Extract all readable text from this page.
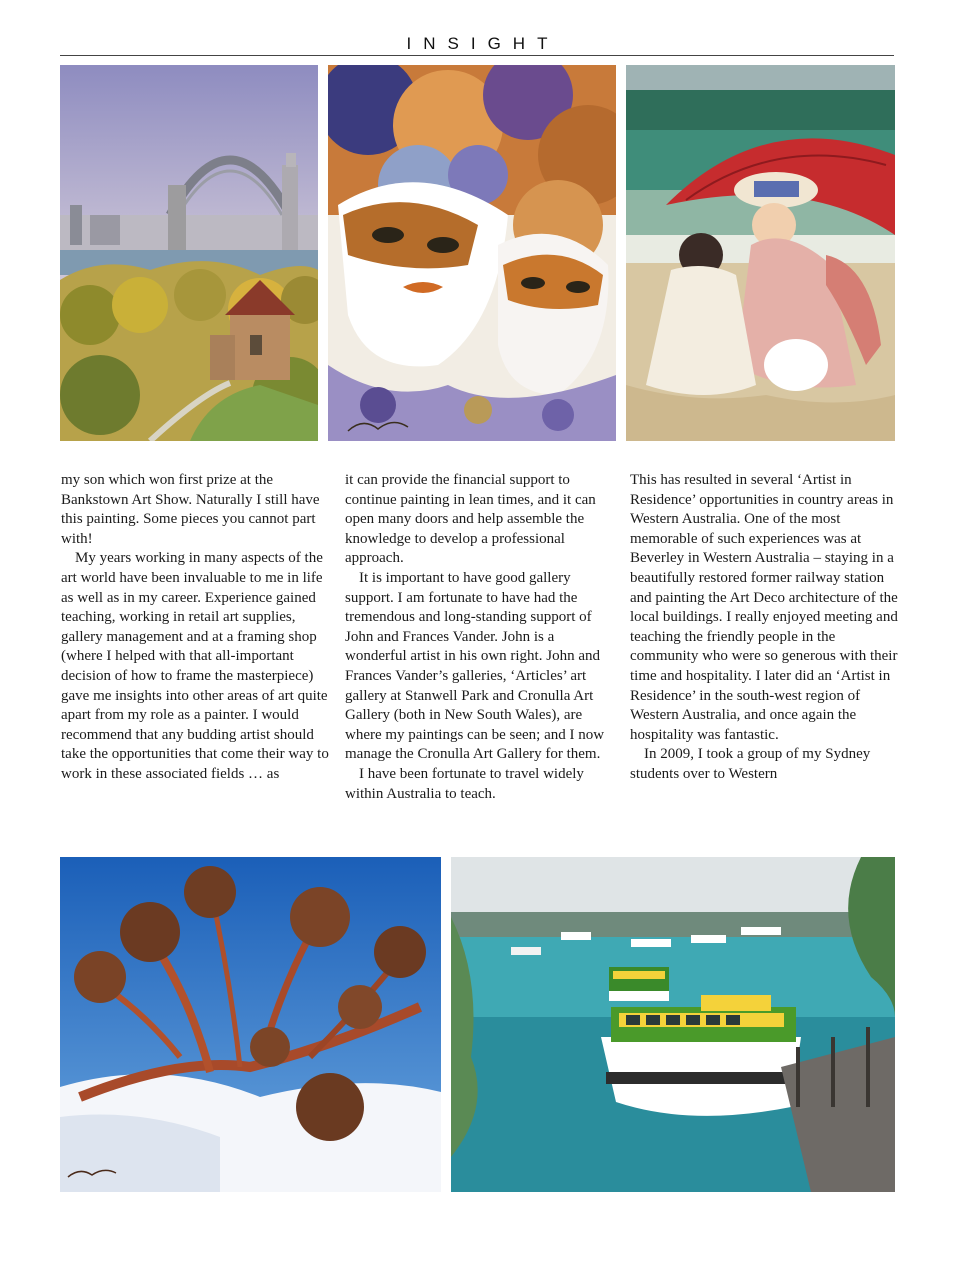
INSIGHT

my son which won first prize at the Bankstown Art Show. Naturally I still have this painting. Some pieces you cannot part with!

My years working in many aspects of the art world have been invaluable to me in life as well as in my career. Experience gained teaching, working in retail art supplies, gallery management and at a framing shop (where I helped with that all-important decision of how to frame the masterpiece) gave me insights into other areas of art quite apart from my role as a painter. I would recommend that any budding artist should take the opportunities that come their way to work in these associated fields … as

it can provide the financial support to continue painting in lean times, and it can open many doors and help assemble the knowledge to develop a professional approach.

It is important to have good gallery support. I am fortunate to have had the tremendous and long-standing support of John and Frances Vander. John is a wonderful artist in his own right. John and Frances Vander’s galleries, ‘Articles’ art gallery at Stanwell Park and Cronulla Art Gallery (both in New South Wales), are where my paintings can be seen; and I now manage the Cronulla Art Gallery for them.

I have been fortunate to travel widely within Australia to teach.

This has resulted in several ‘Artist in Residence’ opportunities in country areas in Western Australia. One of the most memorable of such experiences was at Beverley in Western Australia – staying in a beautifully restored former railway station and painting the Art Deco architecture of the local buildings. I really enjoyed meeting and teaching the friendly people in the community who were so generous with their time and hospitality. I later did an ‘Artist in Residence’ in the south-west region of Western Australia, and once again the hospitality was fantastic.

In 2009, I took a group of my Sydney students over to Western
